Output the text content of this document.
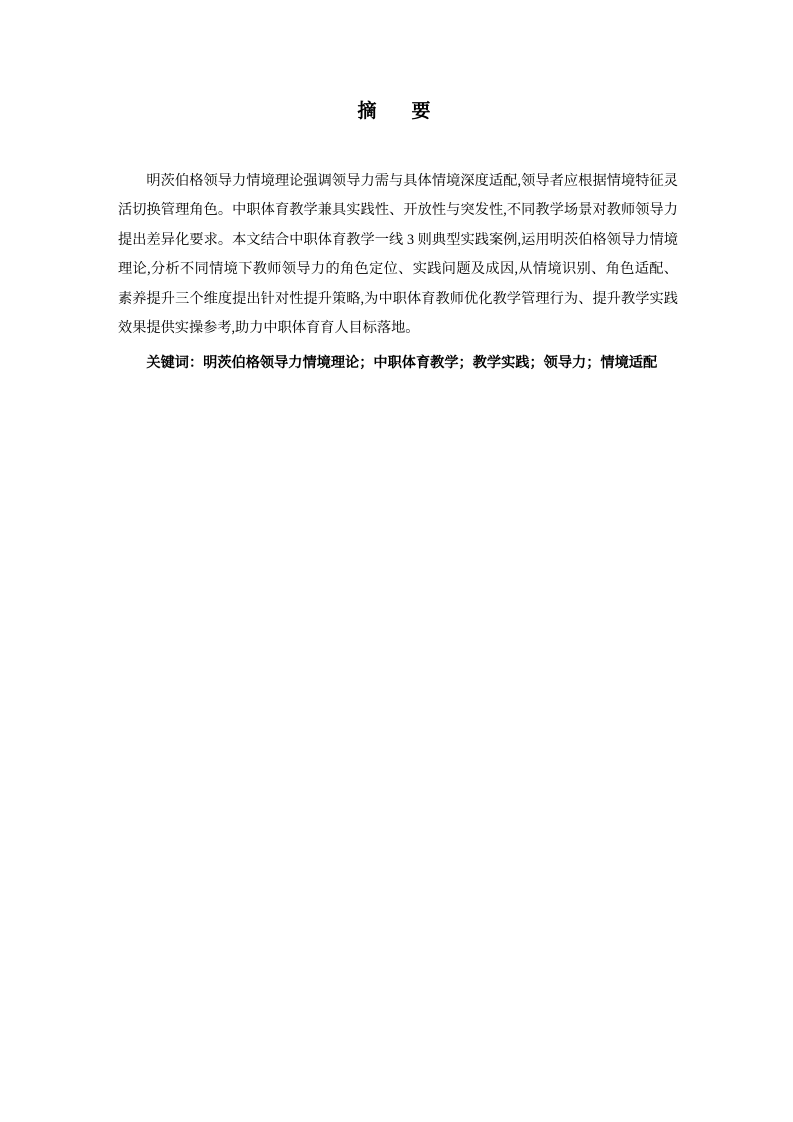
摘　要

明茨伯格领导力情境理论强调领导力需与具体情境深度适配,领导者应根据情境特征灵活切换管理角色。中职体育教学兼具实践性、开放性与突发性,不同教学场景对教师领导力提出差异化要求。本文结合中职体育教学一线 3 则典型实践案例,运用明茨伯格领导力情境理论,分析不同情境下教师领导力的角色定位、实践问题及成因,从情境识别、角色适配、素养提升三个维度提出针对性提升策略,为中职体育教师优化教学管理行为、提升教学实践效果提供实操参考,助力中职体育育人目标落地。

关键词：明茨伯格领导力情境理论；中职体育教学；教学实践；领导力；情境适配
